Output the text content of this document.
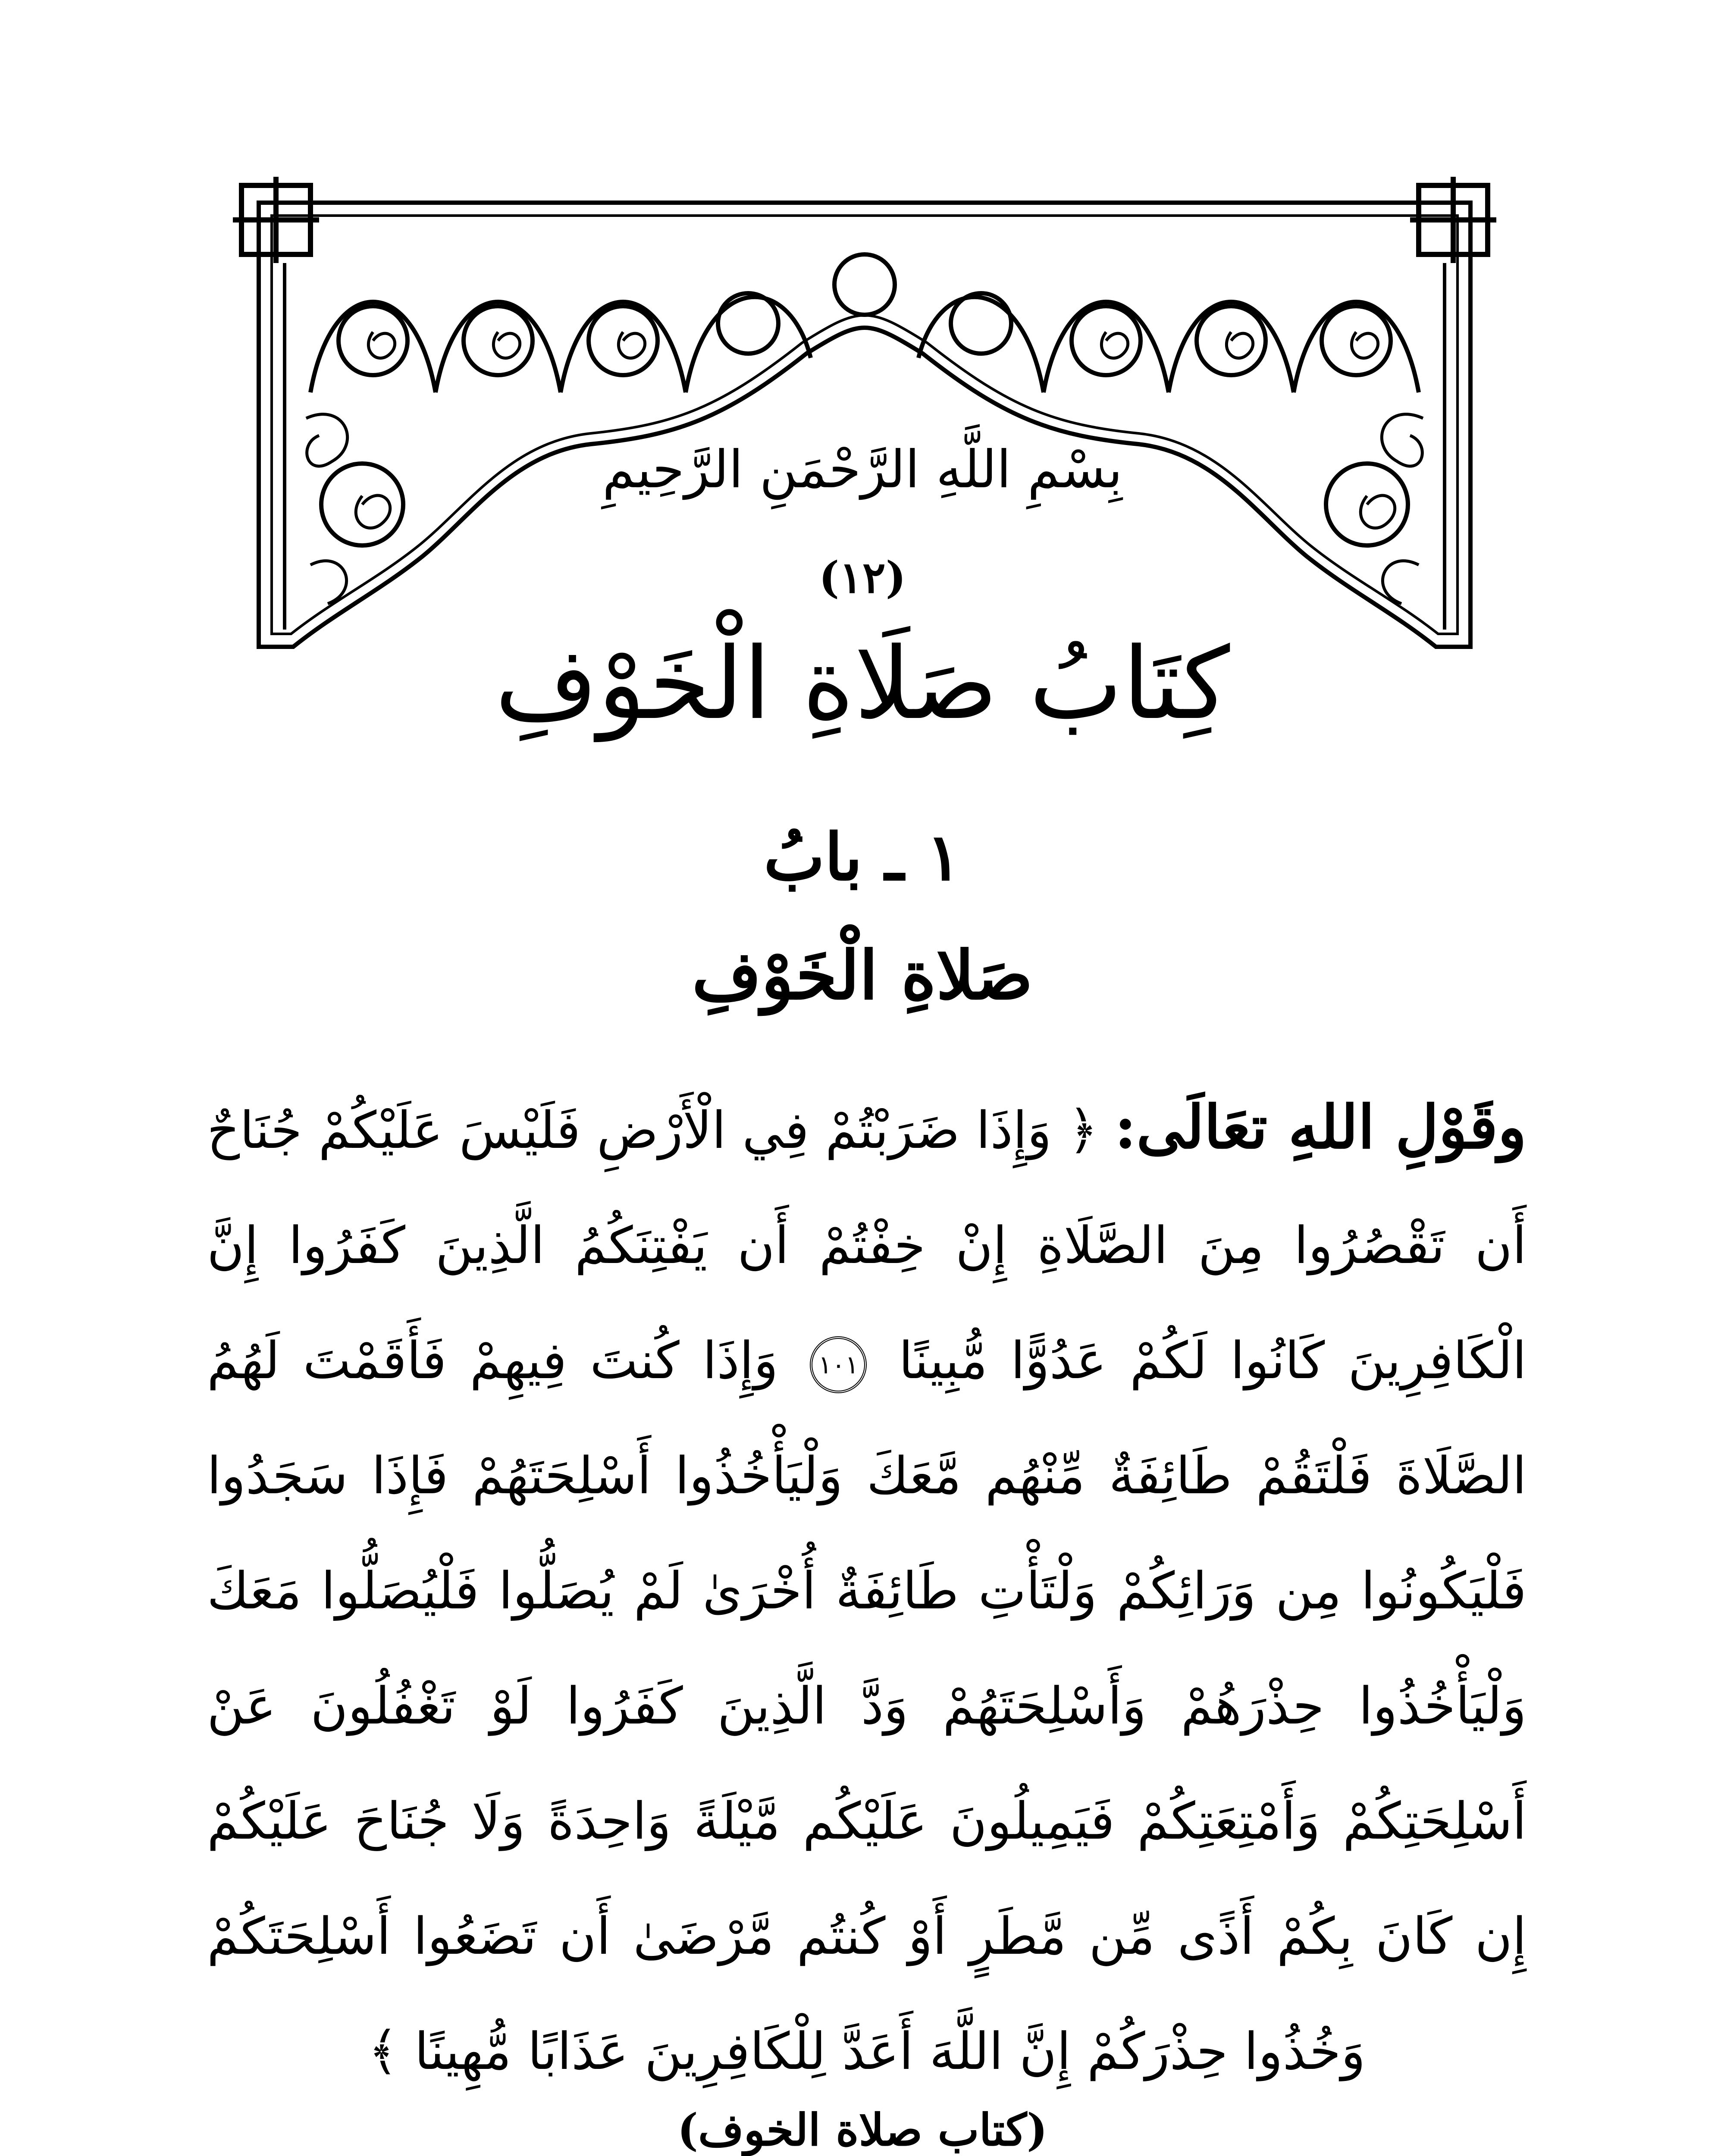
بِسْمِ اللَّهِ الرَّحْمَنِ الرَّحِيمِ
(١٢)
كِتَابُ صَلَاةِ الْخَوْفِ
١ ـ بابُ
صَلاةِ الْخَوْفِ
وقَوْلِ اللهِ تعَالَى: ﴿ وَإِذَا ضَرَبْتُمْ فِي الْأَرْضِ فَلَيْسَ عَلَيْكُمْ جُنَاحٌ أَن تَقْصُرُوا مِنَ الصَّلَاةِ إِنْ خِفْتُمْ أَن يَفْتِنَكُمُ الَّذِينَ كَفَرُوا إِنَّ الْكَافِرِينَ كَانُوا لَكُمْ عَدُوًّا مُّبِينًا ١٠١ وَإِذَا كُنتَ فِيهِمْ فَأَقَمْتَ لَهُمُ الصَّلَاةَ فَلْتَقُمْ طَائِفَةٌ مِّنْهُم مَّعَكَ وَلْيَأْخُذُوا أَسْلِحَتَهُمْ فَإِذَا سَجَدُوا فَلْيَكُونُوا مِن وَرَائِكُمْ وَلْتَأْتِ طَائِفَةٌ أُخْرَىٰ لَمْ يُصَلُّوا فَلْيُصَلُّوا مَعَكَ وَلْيَأْخُذُوا حِذْرَهُمْ وَأَسْلِحَتَهُمْ وَدَّ الَّذِينَ كَفَرُوا لَوْ تَغْفُلُونَ عَنْ أَسْلِحَتِكُمْ وَأَمْتِعَتِكُمْ فَيَمِيلُونَ عَلَيْكُم مَّيْلَةً وَاحِدَةً وَلَا جُنَاحَ عَلَيْكُمْ إِن كَانَ بِكُمْ أَذًى مِّن مَّطَرٍ أَوْ كُنتُم مَّرْضَىٰ أَن تَضَعُوا أَسْلِحَتَكُمْ وَخُذُوا حِذْرَكُمْ إِنَّ اللَّهَ أَعَدَّ لِلْكَافِرِينَ عَذَابًا مُّهِينًا ﴾
(كتاب صلاة الخوف)
